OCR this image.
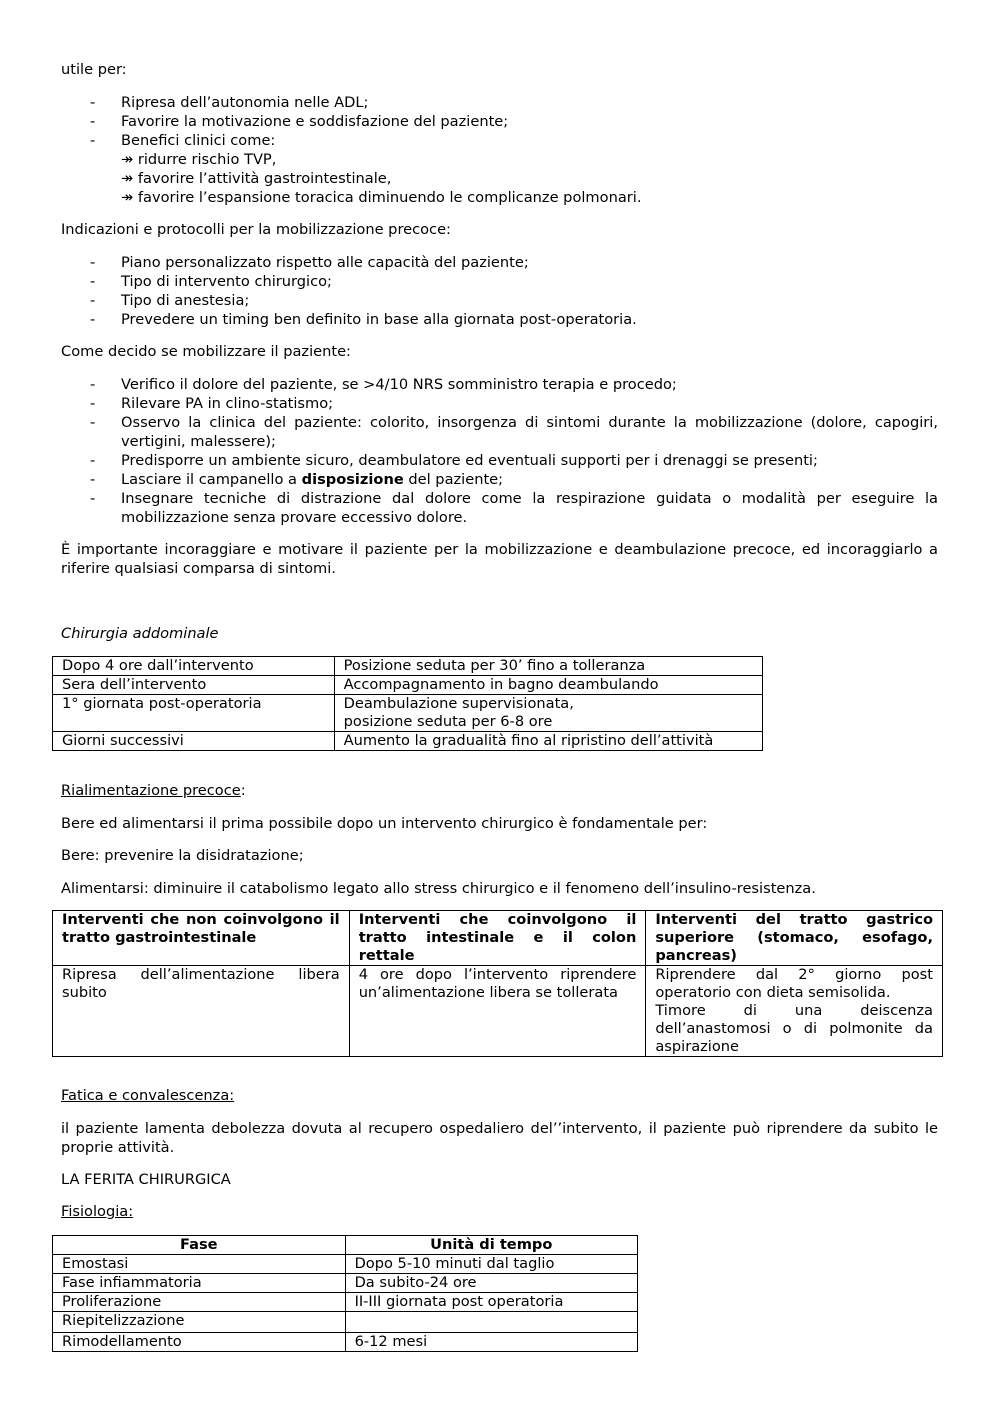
utile per:

- Ripresa dell’autonomia nelle ADL;
- Favorire la motivazione e soddisfazione del paziente;
- Benefici clinici come:
↠ ridurre rischio TVP,
↠ favorire l’attività gastrointestinale,
↠ favorire l’espansione toracica diminuendo le complicanze polmonari.

Indicazioni e protocolli per la mobilizzazione precoce:

- Piano personalizzato rispetto alle capacità del paziente;
- Tipo di intervento chirurgico;
- Tipo di anestesia;
- Prevedere un timing ben definito in base alla giornata post-operatoria.

Come decido se mobilizzare il paziente:

- Verifico il dolore del paziente, se >4/10 NRS somministro terapia e procedo;
- Rilevare PA in clino-statismo;
- Osservo la clinica del paziente: colorito, insorgenza di sintomi durante la mobilizzazione (dolore, capogiri, vertigini, malessere);
- Predisporre un ambiente sicuro, deambulatore ed eventuali supporti per i drenaggi se presenti;
- Lasciare il campanello a disposizione del paziente;
- Insegnare tecniche di distrazione dal dolore come la respirazione guidata o modalità per eseguire la mobilizzazione senza provare eccessivo dolore.

È importante incoraggiare e motivare il paziente per la mobilizzazione e deambulazione precoce, ed incoraggiarlo a riferire qualsiasi comparsa di sintomi.

Chirurgia addominale

Dopo 4 ore dall’intervento	Posizione seduta per 30’ fino a tolleranza
Sera dell’intervento	Accompagnamento in bagno deambulando
1° giornata post-operatoria	Deambulazione supervisionata,
posizione seduta per 6-8 ore

Giorni successivi	Aumento la gradualità fino al ripristino dell’attività

Rialimentazione precoce:

Bere ed alimentarsi il prima possibile dopo un intervento chirurgico è fondamentale per:

Bere: prevenire la disidratazione;

Alimentarsi: diminuire il catabolismo legato allo stress chirurgico e il fenomeno dell’insulino-resistenza.

Interventi che non coinvolgono il tratto gastrointestinale	Interventi che coinvolgono il tratto intestinale e il colon rettale	Interventi del tratto gastrico superiore (stomaco, esofago, pancreas)
Ripresa dell’alimentazione libera subito	4 ore dopo l’intervento riprendere un’alimentazione libera se tollerata	Riprendere dal 2° giorno post operatorio con dieta semisolida.
Timore di una deiscenza dell’anastomosi o di polmonite da aspirazione

Fatica e convalescenza:

il paziente lamenta debolezza dovuta al recupero ospedaliero del’’intervento, il paziente può riprendere da subito le proprie attività.

LA FERITA CHIRURGICA

Fisiologia:

Fase	Unità di tempo
Emostasi	Dopo 5-10 minuti dal taglio
Fase infiammatoria	Da subito-24 ore
Proliferazione	II-III giornata post operatoria
Riepitelizzazione	
Rimodellamento	6-12 mesi
